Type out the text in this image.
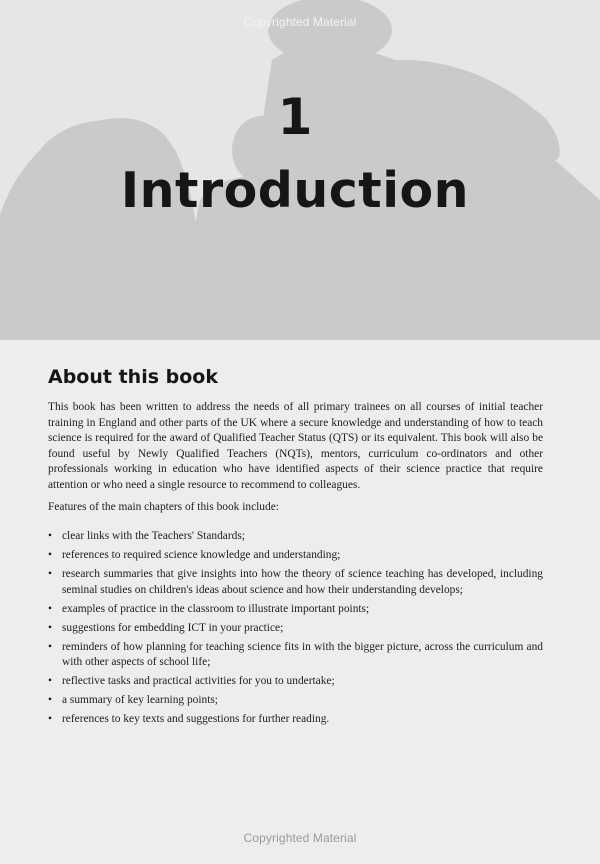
Copyrighted Material
1
Introduction
About this book

This book has been written to address the needs of all primary trainees on all courses of initial teacher training in England and other parts of the UK where a secure knowledge and understanding of how to teach science is required for the award of Qualified Teacher Status (QTS) or its equivalent. This book will also be found useful by Newly Qualified Teachers (NQTs), mentors, curriculum co-ordinators and other professionals working in education who have identified aspects of their science practice that require attention or who need a single resource to recommend to colleagues.

Features of the main chapters of this book include:

• clear links with the Teachers' Standards;
• references to required science knowledge and understanding;
• research summaries that give insights into how the theory of science teaching has developed, including seminal studies on children's ideas about science and how their understanding develops;
• examples of practice in the classroom to illustrate important points;
• suggestions for embedding ICT in your practice;
• reminders of how planning for teaching science fits in with the bigger picture, across the curriculum and with other aspects of school life;
• reflective tasks and practical activities for you to undertake;
• a summary of key learning points;
• references to key texts and suggestions for further reading.
Copyrighted Material
